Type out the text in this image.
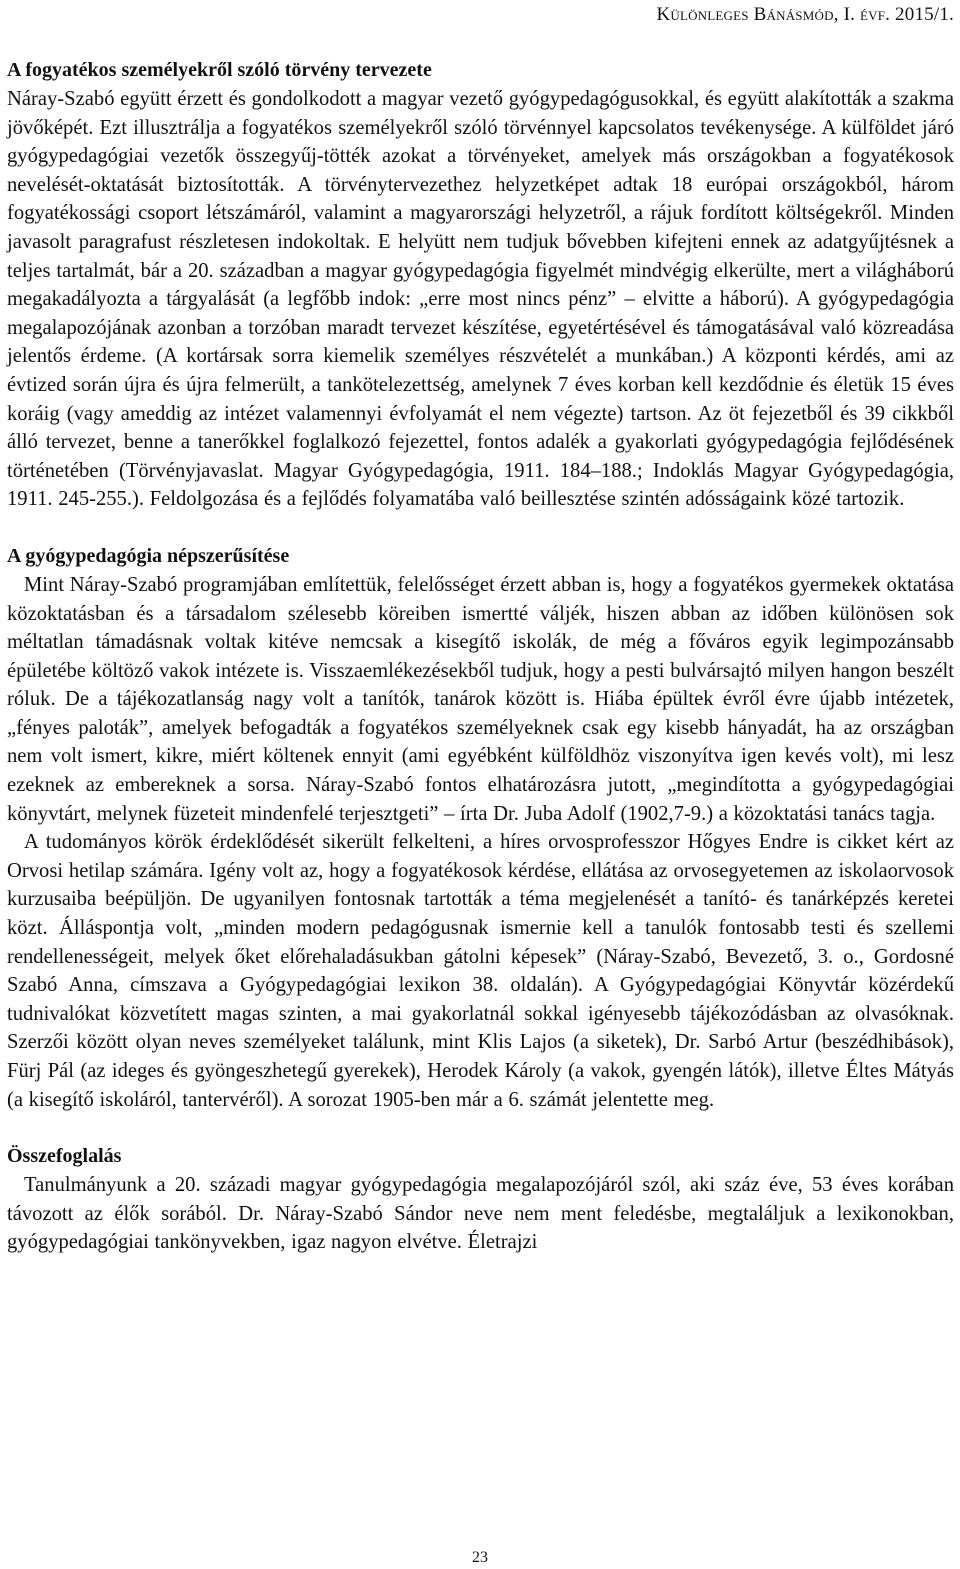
Különleges Bánásmód, I. évf. 2015/1.
A fogyatékos személyekről szóló törvény tervezete

Náray-Szabó együtt érzett és gondolkodott a magyar vezető gyógypedagógusokkal, és együtt alakították a szakma jövőképét. Ezt illusztrálja a fogyatékos személyekről szóló törvénnyel kapcsolatos tevékenysége. A külföldet járó gyógypedagógiai vezetők összegyűj-tötték azokat a törvényeket, amelyek más országokban a fogyatékosok nevelését-oktatását biztosították. A törvénytervezethez helyzetképet adtak 18 európai országokból, három fogyatékossági csoport létszámáról, valamint a magyarországi helyzetről, a rájuk fordított költségekről. Minden javasolt paragrafust részletesen indokoltak. E helyütt nem tudjuk bővebben kifejteni ennek az adatgyűjtésnek a teljes tartalmát, bár a 20. században a magyar gyógypedagógia figyelmét mindvégig elkerülte, mert a világháború megakadályozta a tárgyalását (a legfőbb indok: „erre most nincs pénz” – elvitte a háború). A gyógypedagógia megalapozójának azonban a torzóban maradt tervezet készítése, egyetértésével és támogatásával való közreadása jelentős érdeme. (A kortársak sorra kiemelik személyes részvételét a munkában.) A központi kérdés, ami az évtized során újra és újra felmerült, a tankötelezettség, amelynek 7 éves korban kell kezdődnie és életük 15 éves koráig (vagy ameddig az intézet valamennyi évfolyamát el nem végezte) tartson. Az öt fejezetből és 39 cikkből álló tervezet, benne a tanerőkkel foglalkozó fejezettel, fontos adalék a gyakorlati gyógypedagógia fejlődésének történetében (Törvényjavaslat. Magyar Gyógypedagógia, 1911. 184–188.; Indoklás Magyar Gyógypedagógia, 1911. 245-255.). Feldolgozása és a fejlődés folyamatába való beillesztése szintén adósságaink közé tartozik.

A gyógypedagógia népszerűsítése

Mint Náray-Szabó programjában említettük, felelősséget érzett abban is, hogy a fogyatékos gyermekek oktatása közoktatásban és a társadalom szélesebb köreiben ismertté váljék, hiszen abban az időben különösen sok méltatlan támadásnak voltak kitéve nemcsak a kisegítő iskolák, de még a főváros egyik legimpozánsabb épületébe költöző vakok intézete is. Visszaemlékezésekből tudjuk, hogy a pesti bulvársajtó milyen hangon beszélt róluk. De a tájékozatlanság nagy volt a tanítók, tanárok között is. Hiába épültek évről évre újabb intézetek, „fényes paloták”, amelyek befogadták a fogyatékos személyeknek csak egy kisebb hányadát, ha az országban nem volt ismert, kikre, miért költenek ennyit (ami egyébként külföldhöz viszonyítva igen kevés volt), mi lesz ezeknek az embereknek a sorsa. Náray-Szabó fontos elhatározásra jutott, „megindította a gyógypedagógiai könyvtárt, melynek füzeteit mindenfelé terjesztgeti” – írta Dr. Juba Adolf (1902,7-9.) a közoktatási tanács tagja.

A tudományos körök érdeklődését sikerült felkelteni, a híres orvosprofesszor Hőgyes Endre is cikket kért az Orvosi hetilap számára. Igény volt az, hogy a fogyatékosok kérdése, ellátása az orvosegyetemen az iskolaorvosok kurzusaiba beépüljön. De ugyanilyen fontosnak tartották a téma megjelenését a tanító- és tanárképzés keretei közt. Álláspontja volt, „minden modern pedagógusnak ismernie kell a tanulók fontosabb testi és szellemi rendellenességeit, melyek őket előrehaladásukban gátolni képesek” (Náray-Szabó, Bevezető, 3. o., Gordosné Szabó Anna, címszava a Gyógypedagógiai lexikon 38. oldalán). A Gyógypedagógiai Könyvtár közérdekű tudnivalókat közvetített magas szinten, a mai gyakorlatnál sokkal igényesebb tájékozódásban az olvasóknak. Szerzői között olyan neves személyeket találunk, mint Klis Lajos (a siketek), Dr. Sarbó Artur (beszédhibások), Fürj Pál (az ideges és gyöngeszhetegű gyerekek), Herodek Károly (a vakok, gyengén látók), illetve Éltes Mátyás (a kisegítő iskoláról, tantervéről). A sorozat 1905-ben már a 6. számát jelentette meg.

Összefoglalás

Tanulmányunk a 20. századi magyar gyógypedagógia megalapozójáról szól, aki száz éve, 53 éves korában távozott az élők sorából. Dr. Náray-Szabó Sándor neve nem ment feledésbe, megtaláljuk a lexikonokban, gyógypedagógiai tankönyvekben, igaz nagyon elvétve. Életrajzi

23
